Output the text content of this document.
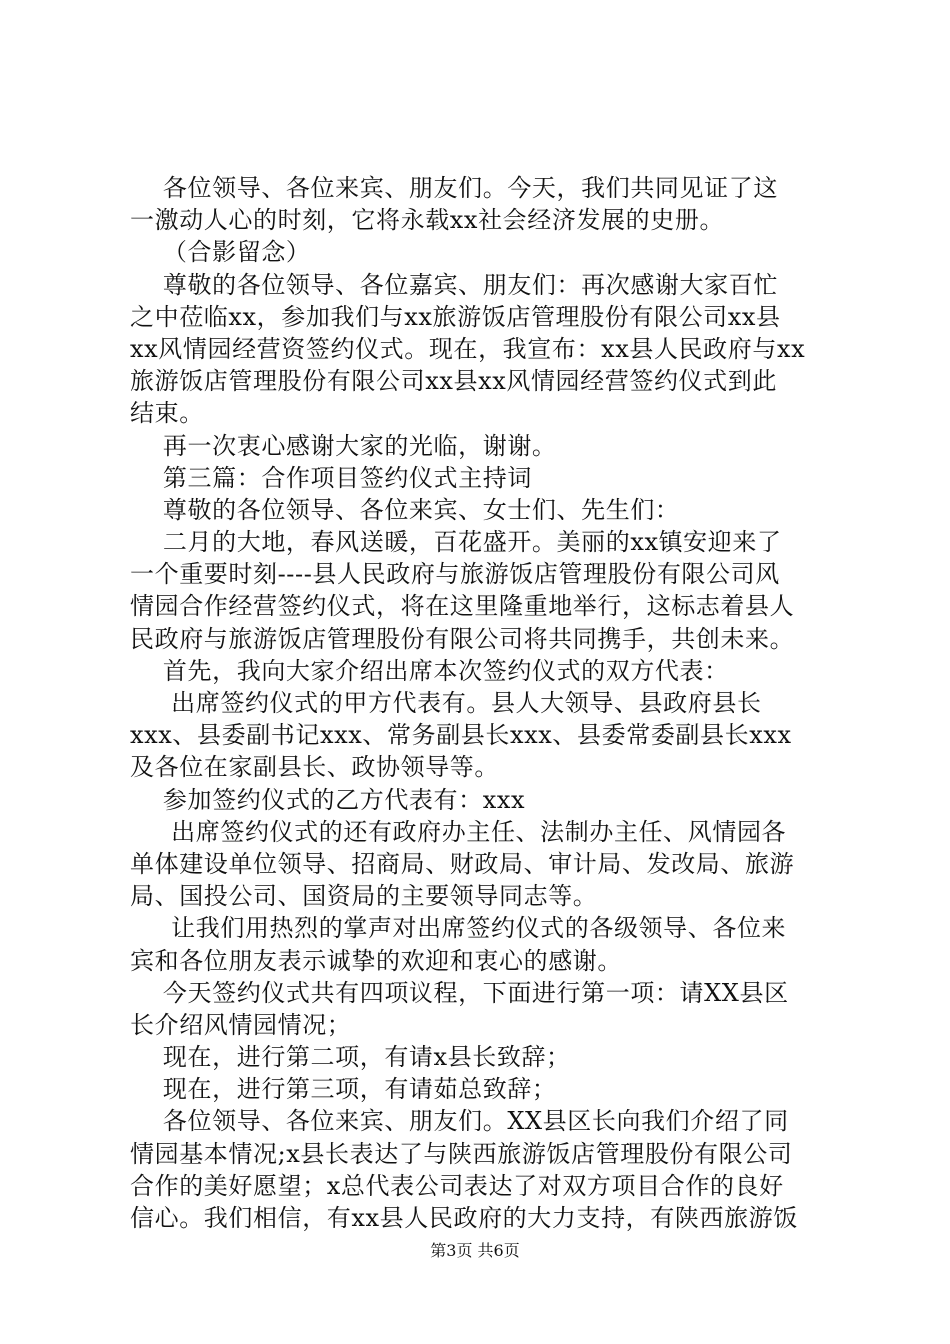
各位领导、各位来宾、朋友们。今天，我们共同见证了这
一激动人心的时刻，它将永载xx社会经济发展的史册。
（合影留念）
尊敬的各位领导、各位嘉宾、朋友们：再次感谢大家百忙
之中莅临xx，参加我们与xx旅游饭店管理股份有限公司xx县
xx风情园经营资签约仪式。现在，我宣布：xx县人民政府与xx
旅游饭店管理股份有限公司xx县xx风情园经营签约仪式到此
结束。
再一次衷心感谢大家的光临，谢谢。
第三篇：合作项目签约仪式主持词
尊敬的各位领导、各位来宾、女士们、先生们：
二月的大地，春风送暖，百花盛开。美丽的xx镇安迎来了
一个重要时刻----县人民政府与旅游饭店管理股份有限公司风
情园合作经营签约仪式，将在这里隆重地举行，这标志着县人
民政府与旅游饭店管理股份有限公司将共同携手，共创未来。
首先，我向大家介绍出席本次签约仪式的双方代表：
出席签约仪式的甲方代表有。县人大领导、县政府县长
xxx、县委副书记xxx、常务副县长xxx、县委常委副县长xxx
及各位在家副县长、政协领导等。
参加签约仪式的乙方代表有：xxx
出席签约仪式的还有政府办主任、法制办主任、风情园各
单体建设单位领导、招商局、财政局、审计局、发改局、旅游
局、国投公司、国资局的主要领导同志等。
让我们用热烈的掌声对出席签约仪式的各级领导、各位来
宾和各位朋友表示诚挚的欢迎和衷心的感谢。
今天签约仪式共有四项议程，下面进行第一项：请XX县区
长介绍风情园情况；
现在，进行第二项，有请x县长致辞；
现在，进行第三项，有请茹总致辞；
各位领导、各位来宾、朋友们。XX县区长向我们介绍了同
情园基本情况;x县长表达了与陕西旅游饭店管理股份有限公司
合作的美好愿望；x总代表公司表达了对双方项目合作的良好
信心。我们相信，有xx县人民政府的大力支持，有陕西旅游饭
第3页 共6页
